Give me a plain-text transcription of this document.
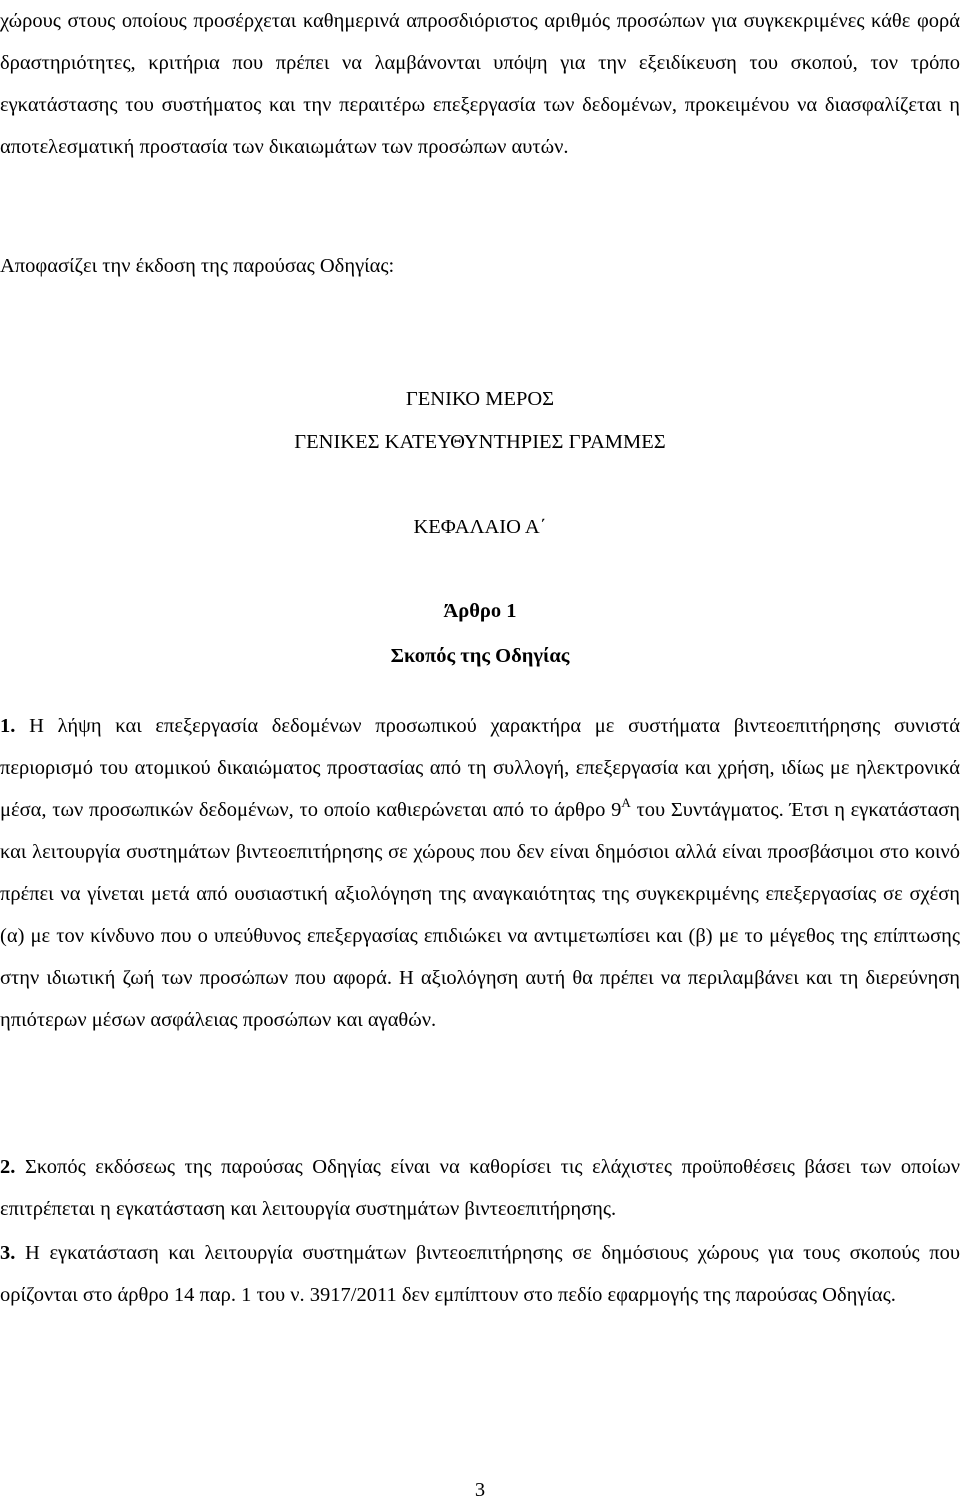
χώρους στους οποίους προσέρχεται καθημερινά απροσδιόριστος αριθμός προσώπων για συγκεκριμένες κάθε φορά δραστηριότητες, κριτήρια που πρέπει να λαμβάνονται υπόψη για την εξειδίκευση του σκοπού, τον τρόπο εγκατάστασης του συστήματος και την περαιτέρω επεξεργασία των δεδομένων, προκειμένου να διασφαλίζεται η αποτελεσματική προστασία των δικαιωμάτων των προσώπων αυτών.

Αποφασίζει την έκδοση της παρούσας Οδηγίας:

ΓΕΝΙΚΟ ΜΕΡΟΣ

ΓΕΝΙΚΕΣ ΚΑΤΕΥΘΥΝΤΗΡΙΕΣ ΓΡΑΜΜΕΣ

ΚΕΦΑΛΑΙΟ Α΄

Άρθρο 1

Σκοπός της Οδηγίας

1. Η λήψη και επεξεργασία δεδομένων προσωπικού χαρακτήρα με συστήματα βιντεοεπιτήρησης συνιστά περιορισμό του ατομικού δικαιώματος προστασίας από τη συλλογή, επεξεργασία και χρήση, ιδίως με ηλεκτρονικά μέσα, των προσωπικών δεδομένων, το οποίο καθιερώνεται από το άρθρο $9^A$ του Συντάγματος. Έτσι η εγκατάσταση και λειτουργία συστημάτων βιντεοεπιτήρησης σε χώρους που δεν είναι δημόσιοι αλλά είναι προσβάσιμοι στο κοινό πρέπει να γίνεται μετά από ουσιαστική αξιολόγηση της αναγκαιότητας της συγκεκριμένης επεξεργασίας σε σχέση (α) με τον κίνδυνο που ο υπεύθυνος επεξεργασίας επιδιώκει να αντιμετωπίσει και (β) με το μέγεθος της επίπτωσης στην ιδιωτική ζωή των προσώπων που αφορά. Η αξιολόγηση αυτή θα πρέπει να περιλαμβάνει και τη διερεύνηση ηπιότερων μέσων ασφάλειας προσώπων και αγαθών.

2. Σκοπός εκδόσεως της παρούσας Οδηγίας είναι να καθορίσει τις ελάχιστες προϋποθέσεις βάσει των οποίων επιτρέπεται η εγκατάσταση και λειτουργία συστημάτων βιντεοεπιτήρησης.

3. Η εγκατάσταση και λειτουργία συστημάτων βιντεοεπιτήρησης σε δημόσιους χώρους για τους σκοπούς που ορίζονται στο άρθρο 14 παρ. 1 του ν. 3917/2011 δεν εμπίπτουν στο πεδίο εφαρμογής της παρούσας Οδηγίας.

3
